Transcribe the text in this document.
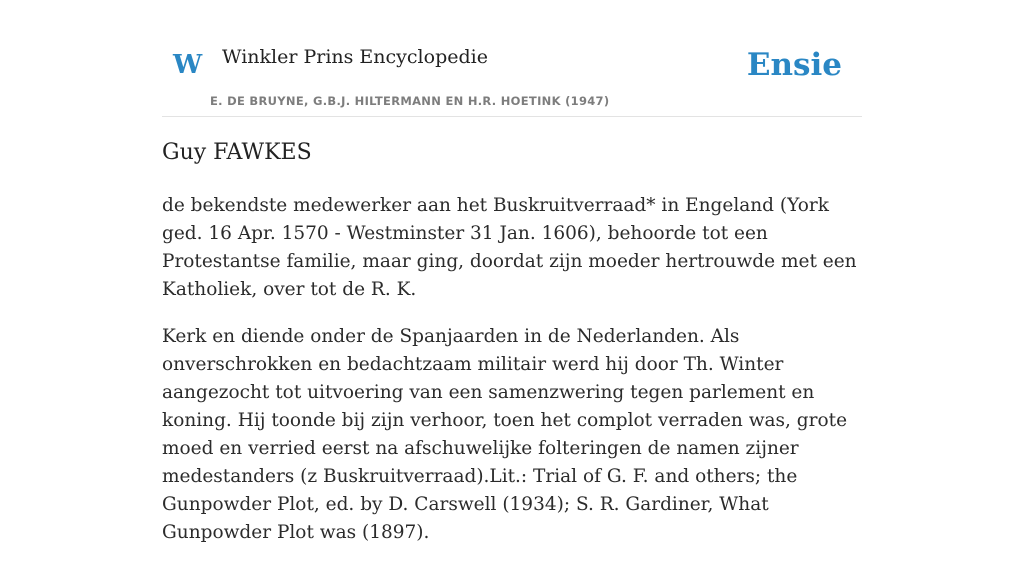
W Winkler Prins Encyclopedie
E. DE BRUYNE, G.B.J. HILTERMANN EN H.R. HOETINK (1947)
Ensie
Guy FAWKES

de bekendste medewerker aan het Buskruitverraad* in Engeland (York ged. 16 Apr. 1570 - Westminster 31 Jan. 1606), behoorde tot een Protestantse familie, maar ging, doordat zijn moeder hertrouwde met een Katholiek, over tot de R. K.

Kerk en diende onder de Spanjaarden in de Nederlanden. Als onverschrokken en bedachtzaam militair werd hij door Th. Winter aangezocht tot uitvoering van een samenzwering tegen parlement en koning. Hij toonde bij zijn verhoor, toen het complot verraden was, grote moed en verried eerst na afschuwelijke folteringen de namen zijner medestanders (z Buskruitverraad).Lit.: Trial of G. F. and others; the Gunpowder Plot, ed. by D. Carswell (1934); S. R. Gardiner, What Gunpowder Plot was (1897).
